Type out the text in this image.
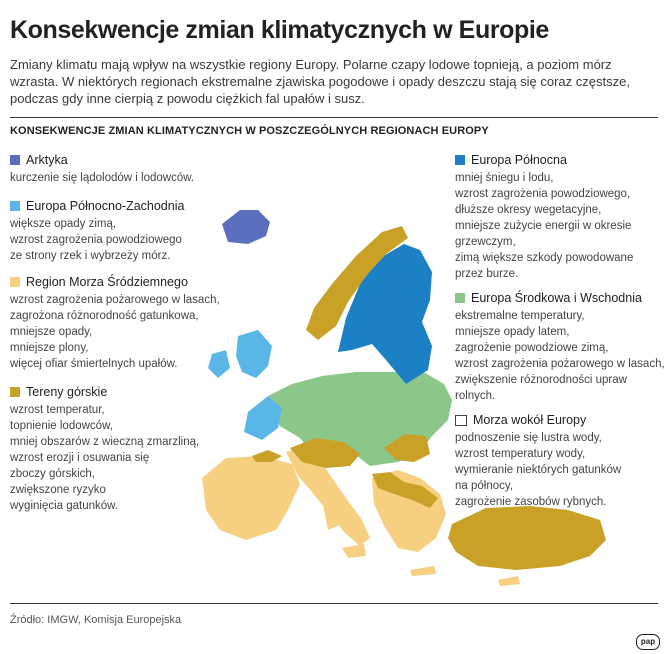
Konsekwencje zmian klimatycznych w Europie

Zmiany klimatu mają wpływ na wszystkie regiony Europy. Polarne czapy lodowe topnieją, a poziom mórz wzrasta. W niektórych regionach ekstremalne zjawiska pogodowe i opady deszczu stają się coraz częstsze, podczas gdy inne cierpią z powodu ciężkich fal upałów i susz.

KONSEKWENCJE ZMIAN KLIMATYCZNYCH W POSZCZEGÓLNYCH REGIONACH EUROPY

Arktyka
kurczenie się lądolodów i lodowców.
Europa Północno-Zachodnia
większe opady zimą,
wzrost zagrożenia powodziowego
ze strony rzek i wybrzeży mórz.
Region Morza Śródziemnego
wzrost zagrożenia pożarowego w lasach,
zagrożona różnorodność gatunkowa,
mniejsze opady,
mniejsze plony,
więcej ofiar śmiertelnych upałów.
Tereny górskie
wzrost temperatur,
topnienie lodowców,
mniej obszarów z wieczną zmarzliną,
wzrost erozji i osuwania się
zboczy górskich,
zwiększone ryzyko
wyginięcia gatunków.
Europa Północna
mniej śniegu i lodu,
wzrost zagrożenia powodziowego,
dłuższe okresy wegetacyjne,
mniejsze zużycie energii w okresie
grzewczym,
zimą większe szkody powodowane
przez burze.
Europa Środkowa i Wschodnia
ekstremalne temperatury,
mniejsze opady latem,
zagrożenie powodziowe zimą,
wzrost zagrożenia pożarowego w lasach,
zwiększenie różnorodności upraw
rolnych.
Morza wokół Europy
podnoszenie się lustra wody,
wzrost temperatury wody,
wymieranie niektórych gatunków
na północy,
zagrożenie zasobów rybnych.
Źródło: IMGW, Komisja Europejska
pap
